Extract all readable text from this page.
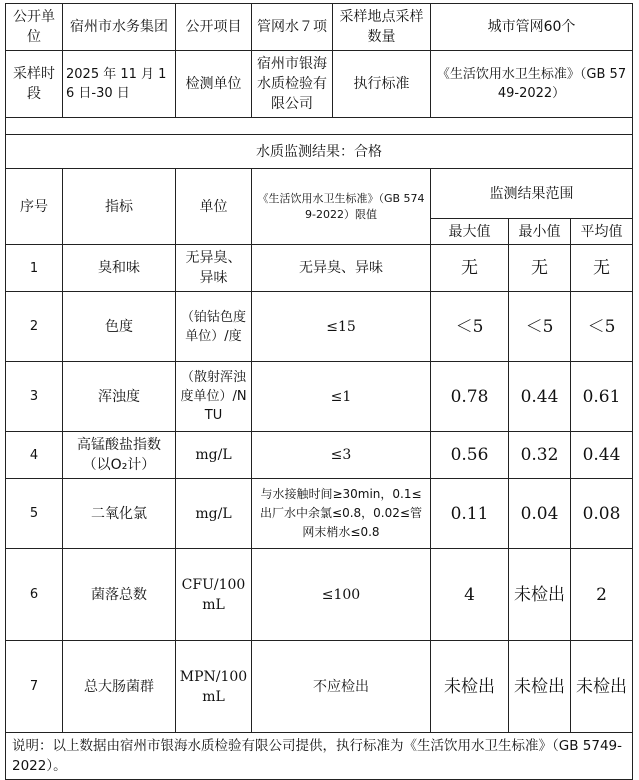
公开单位	宿州市水务集团	公开项目	管网水７项	采样地点采样数量	城市管网60个		
采样时段	2025 年 11 月 16 日-30 日	检测单位	宿州市银海水质检验有限公司	执行标准	《生活饮用水卫生标准》（GB 5749-2022）		

水质监测结果：合格							
序号	指标	单位	《生活饮用水卫生标准》（GB 5749-2022）限值		监测结果范围		
					最大值	最小值	平均值
1	臭和味	无异臭、异味	无异臭、异味		无	无	无
2	色度	（铂钴色度单位）/度	≤15		＜5	＜5	＜5
3	浑浊度	（散射浑浊度单位）/NTU	≤1		0.78	0.44	0.61
4	高锰酸盐指数（以O₂计）	mg/L	≤3		0.56	0.32	0.44
5	二氧化氯	mg/L	与水接触时间≥30min，0.1≤出厂水中余氯≤0.8，0.02≤管网末梢水≤0.8		0.11	0.04	0.08
6	菌落总数	CFU/100mL	≤100		4	未检出	2
7	总大肠菌群	MPN/100mL	不应检出		未检出	未检出	未检出
说明：以上数据由宿州市银海水质检验有限公司提供，执行标准为《生活饮用水卫生标准》（GB 5749-2022）。							
